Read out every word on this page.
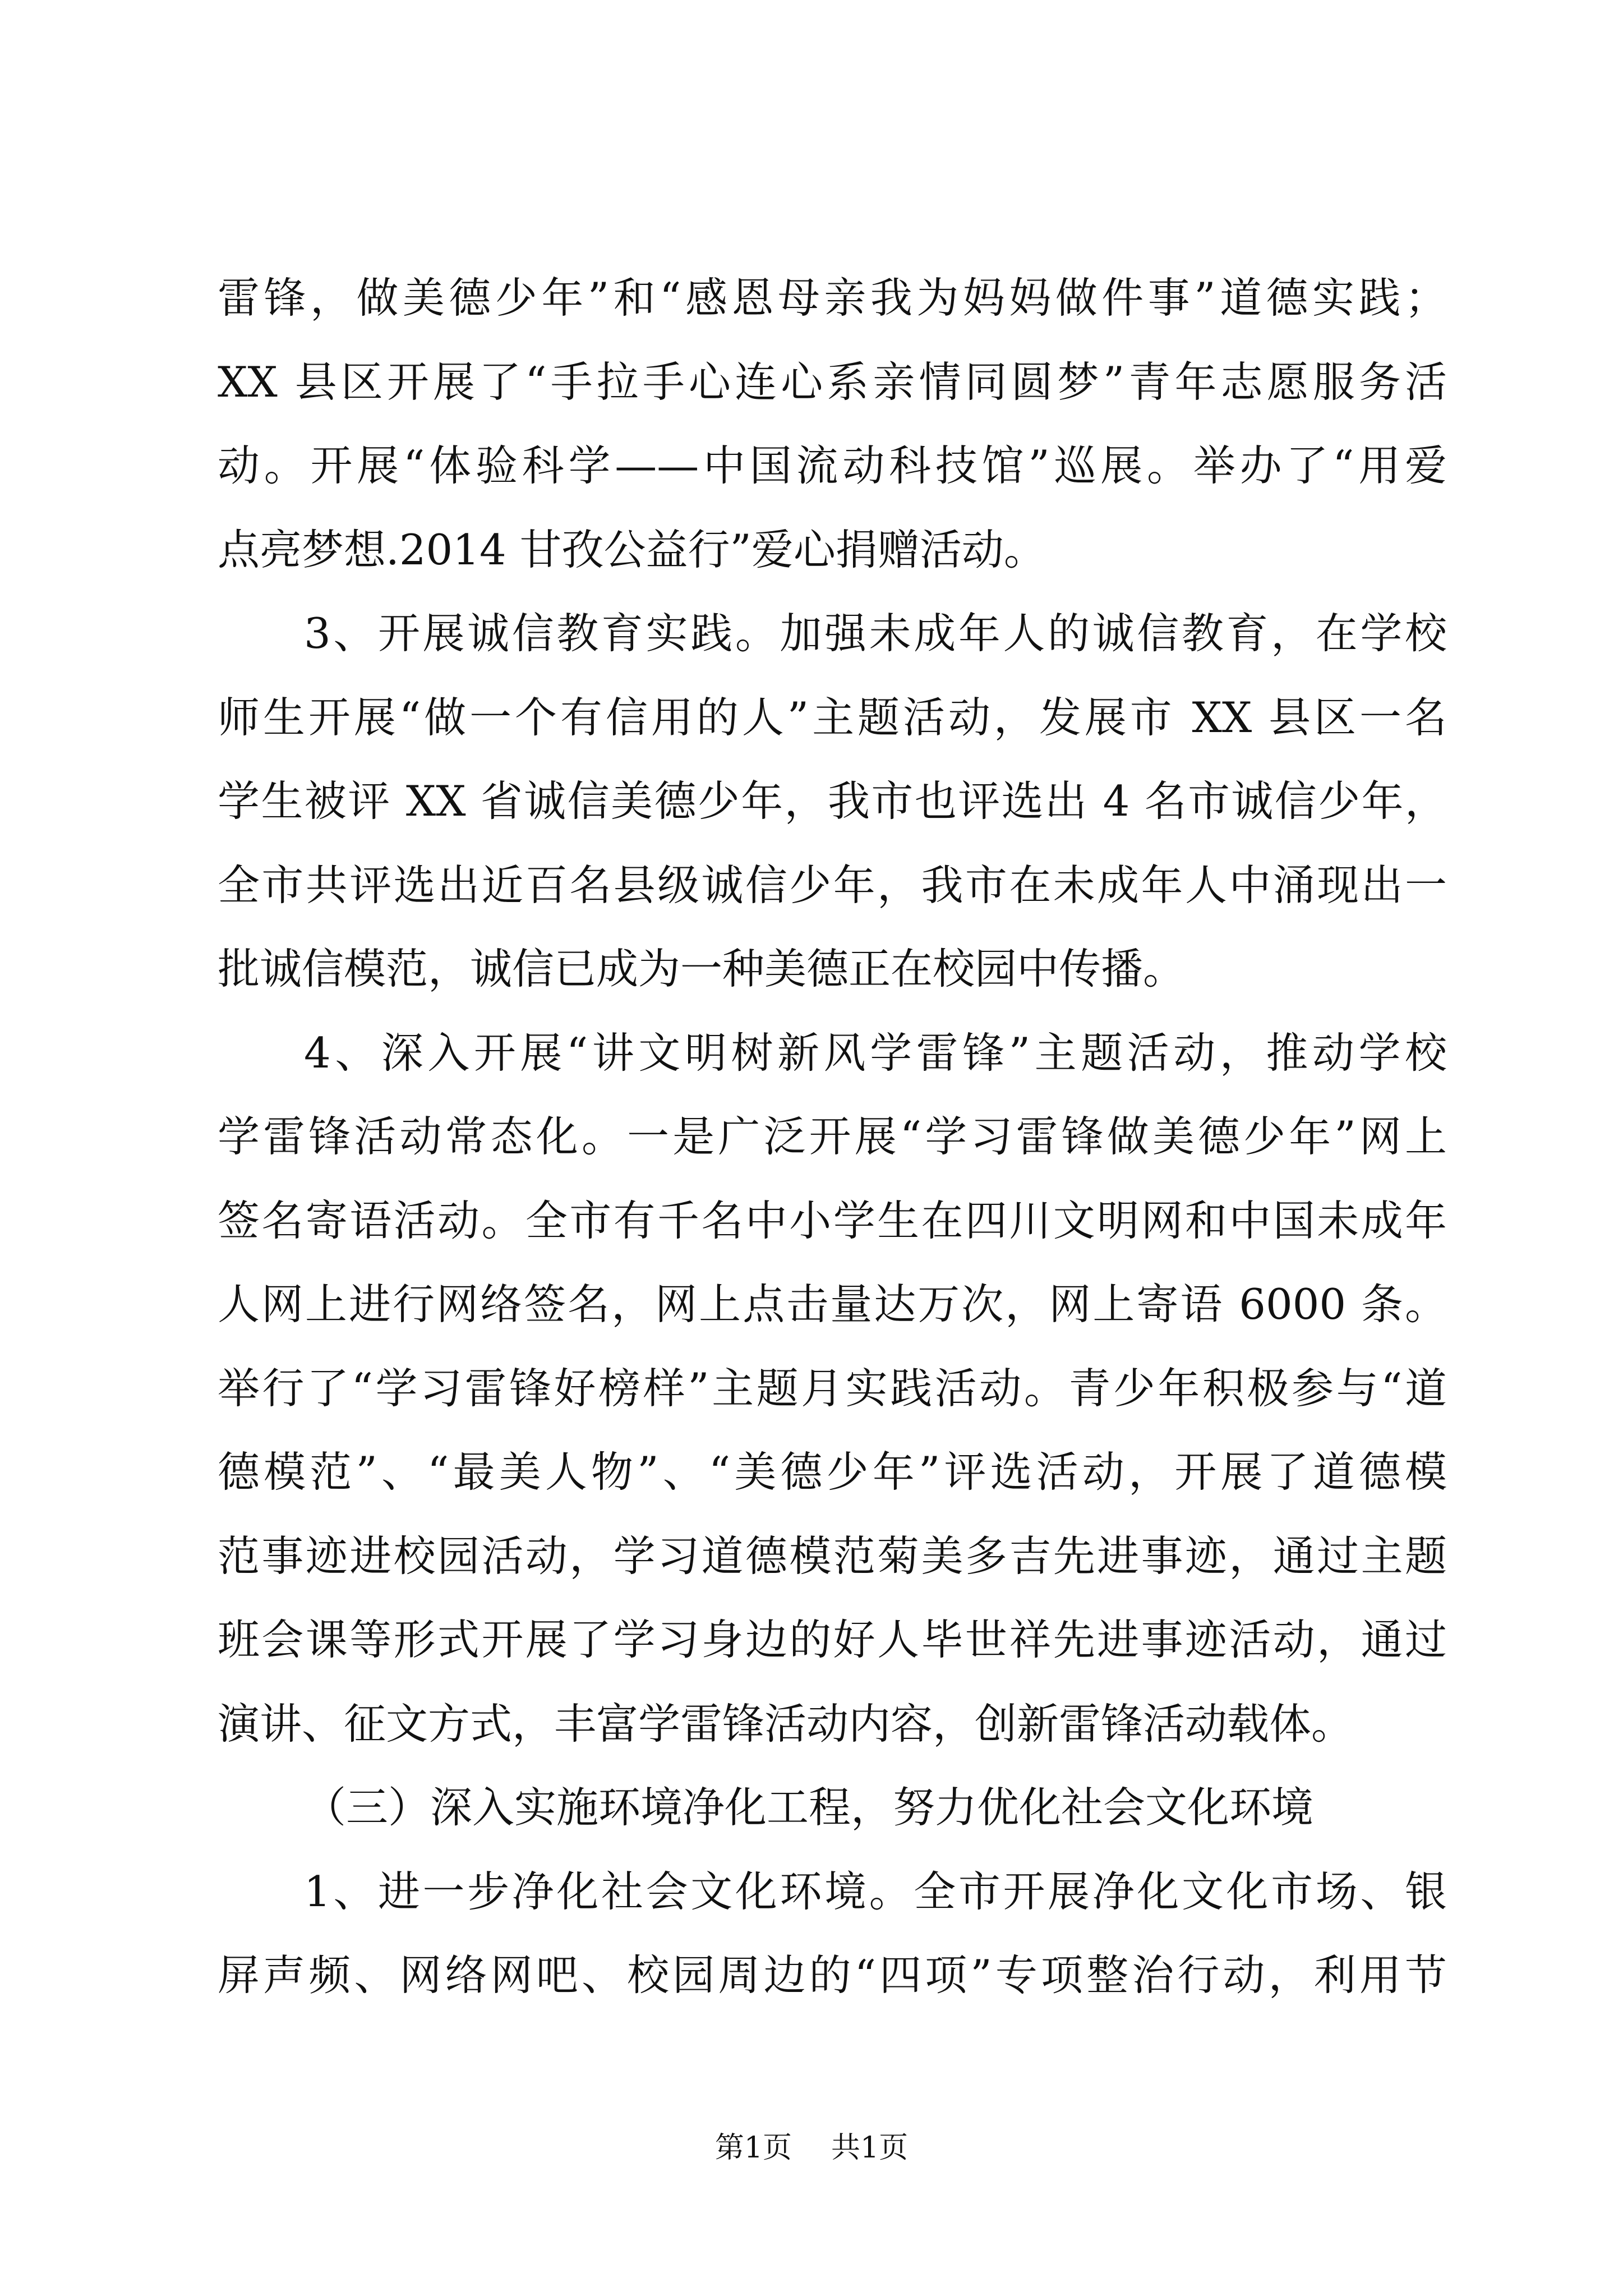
雷锋，做美德少年”和“感恩母亲我为妈妈做件事”道德实践；
XX 县区开展了“手拉手心连心系亲情同圆梦”青年志愿服务活
动。开展“体验科学——中国流动科技馆”巡展。举办了“用爱
点亮梦想.2014 甘孜公益行”爱心捐赠活动。
3、开展诚信教育实践。加强未成年人的诚信教育，在学校
师生开展“做一个有信用的人”主题活动，发展市 XX 县区一名
学生被评 XX 省诚信美德少年，我市也评选出 4 名市诚信少年，
全市共评选出近百名县级诚信少年，我市在未成年人中涌现出一
批诚信模范，诚信已成为一种美德正在校园中传播。
4、深入开展“讲文明树新风学雷锋”主题活动，推动学校
学雷锋活动常态化。一是广泛开展“学习雷锋做美德少年”网上
签名寄语活动。全市有千名中小学生在四川文明网和中国未成年
人网上进行网络签名，网上点击量达万次，网上寄语 6000 条。
举行了“学习雷锋好榜样”主题月实践活动。青少年积极参与“道
德模范”、“最美人物”、“美德少年”评选活动，开展了道德模
范事迹进校园活动，学习道德模范菊美多吉先进事迹，通过主题
班会课等形式开展了学习身边的好人毕世祥先进事迹活动，通过
演讲、征文方式，丰富学雷锋活动内容，创新雷锋活动载体。
（三）深入实施环境净化工程，努力优化社会文化环境
1、进一步净化社会文化环境。全市开展净化文化市场、银
屏声频、网络网吧、校园周边的“四项”专项整治行动，利用节
第1页 共1页
